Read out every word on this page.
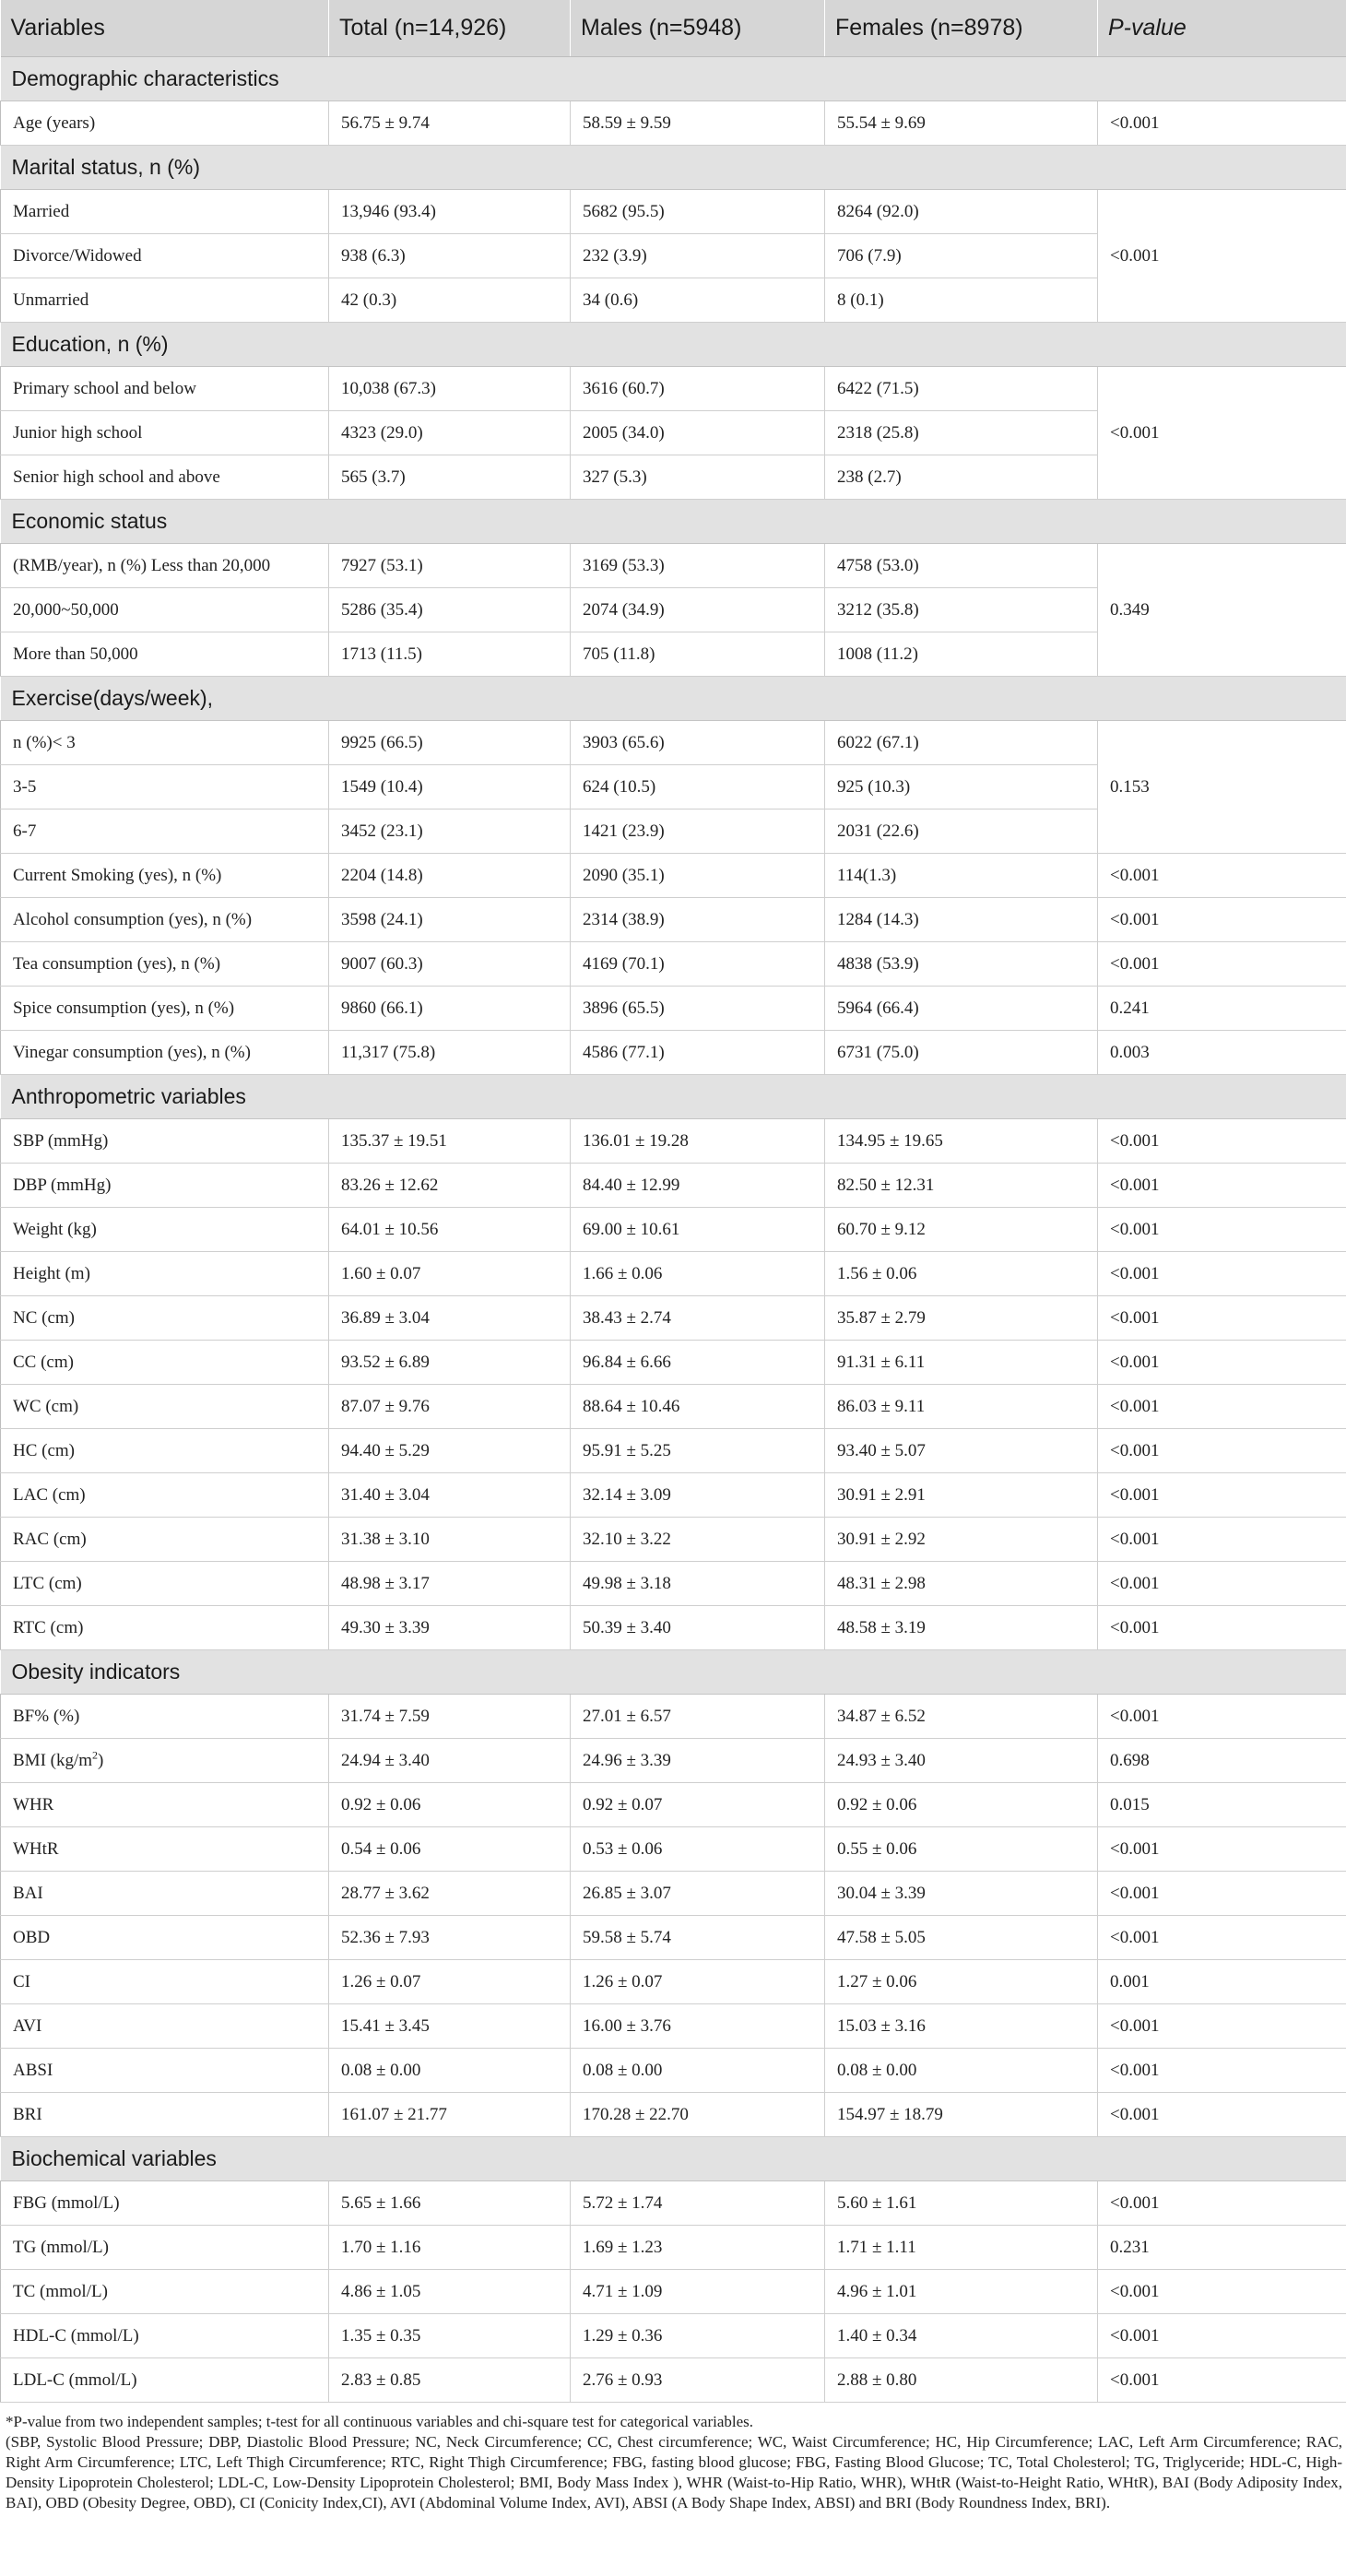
Variables	Total (n=14,926)	Males (n=5948)	Females (n=8978)	P-value
Demographic characteristics				
Age (years)	56.75 ± 9.74	58.59 ± 9.59	55.54 ± 9.69	<0.001
Marital status, n (%)				
Married	13,946 (93.4)	5682 (95.5)	8264 (92.0)	<0.001
Divorce/Widowed	938 (6.3)	232 (3.9)	706 (7.9)	
Unmarried	42 (0.3)	34 (0.6)	8 (0.1)	
Education, n (%)				
Primary school and below	10,038 (67.3)	3616 (60.7)	6422 (71.5)	<0.001
Junior high school	4323 (29.0)	2005 (34.0)	2318 (25.8)	
Senior high school and above	565 (3.7)	327 (5.3)	238 (2.7)	
Economic status				
(RMB/year), n (%) Less than 20,000	7927 (53.1)	3169 (53.3)	4758 (53.0)	0.349
20,000~50,000	5286 (35.4)	2074 (34.9)	3212 (35.8)	
More than 50,000	1713 (11.5)	705 (11.8)	1008 (11.2)	
Exercise(days/week),				
n (%)< 3	9925 (66.5)	3903 (65.6)	6022 (67.1)	0.153
3-5	1549 (10.4)	624 (10.5)	925 (10.3)	
6-7	3452 (23.1)	1421 (23.9)	2031 (22.6)	
Current Smoking (yes), n (%)	2204 (14.8)	2090 (35.1)	114(1.3)	<0.001
Alcohol consumption (yes), n (%)	3598 (24.1)	2314 (38.9)	1284 (14.3)	<0.001
Tea consumption (yes), n (%)	9007 (60.3)	4169 (70.1)	4838 (53.9)	<0.001
Spice consumption (yes), n (%)	9860 (66.1)	3896 (65.5)	5964 (66.4)	0.241
Vinegar consumption (yes), n (%)	11,317 (75.8)	4586 (77.1)	6731 (75.0)	0.003
Anthropometric variables				
SBP (mmHg)	135.37 ± 19.51	136.01 ± 19.28	134.95 ± 19.65	<0.001
DBP (mmHg)	83.26 ± 12.62	84.40 ± 12.99	82.50 ± 12.31	<0.001
Weight (kg)	64.01 ± 10.56	69.00 ± 10.61	60.70 ± 9.12	<0.001
Height (m)	1.60 ± 0.07	1.66 ± 0.06	1.56 ± 0.06	<0.001
NC (cm)	36.89 ± 3.04	38.43 ± 2.74	35.87 ± 2.79	<0.001
CC (cm)	93.52 ± 6.89	96.84 ± 6.66	91.31 ± 6.11	<0.001
WC (cm)	87.07 ± 9.76	88.64 ± 10.46	86.03 ± 9.11	<0.001
HC (cm)	94.40 ± 5.29	95.91 ± 5.25	93.40 ± 5.07	<0.001
LAC (cm)	31.40 ± 3.04	32.14 ± 3.09	30.91 ± 2.91	<0.001
RAC (cm)	31.38 ± 3.10	32.10 ± 3.22	30.91 ± 2.92	<0.001
LTC (cm)	48.98 ± 3.17	49.98 ± 3.18	48.31 ± 2.98	<0.001
RTC (cm)	49.30 ± 3.39	50.39 ± 3.40	48.58 ± 3.19	<0.001
Obesity indicators				
BF% (%)	31.74 ± 7.59	27.01 ± 6.57	34.87 ± 6.52	<0.001
BMI $(kg/m^2)$	24.94 ± 3.40	24.96 ± 3.39	24.93 ± 3.40	0.698
WHR	0.92 ± 0.06	0.92 ± 0.07	0.92 ± 0.06	0.015
WHtR	0.54 ± 0.06	0.53 ± 0.06	0.55 ± 0.06	<0.001
BAI	28.77 ± 3.62	26.85 ± 3.07	30.04 ± 3.39	<0.001
OBD	52.36 ± 7.93	59.58 ± 5.74	47.58 ± 5.05	<0.001
CI	1.26 ± 0.07	1.26 ± 0.07	1.27 ± 0.06	0.001
AVI	15.41 ± 3.45	16.00 ± 3.76	15.03 ± 3.16	<0.001
ABSI	0.08 ± 0.00	0.08 ± 0.00	0.08 ± 0.00	<0.001
BRI	161.07 ± 21.77	170.28 ± 22.70	154.97 ± 18.79	<0.001
Biochemical variables				
FBG (mmol/L)	5.65 ± 1.66	5.72 ± 1.74	5.60 ± 1.61	<0.001
TG (mmol/L)	1.70 ± 1.16	1.69 ± 1.23	1.71 ± 1.11	0.231
TC (mmol/L)	4.86 ± 1.05	4.71 ± 1.09	4.96 ± 1.01	<0.001
HDL-C (mmol/L)	1.35 ± 0.35	1.29 ± 0.36	1.40 ± 0.34	<0.001
LDL-C (mmol/L)	2.83 ± 0.85	2.76 ± 0.93	2.88 ± 0.80	<0.001

*P-value from two independent samples; t-test for all continuous variables and chi-square test for categorical variables.

(SBP, Systolic Blood Pressure; DBP, Diastolic Blood Pressure; NC, Neck Circumference; CC, Chest circumference; WC, Waist Circumference; HC, Hip Circumference; LAC, Left Arm Circumference; RAC, Right Arm Circumference; LTC, Left Thigh Circumference; RTC, Right Thigh Circumference; FBG, fasting blood glucose; FBG, Fasting Blood Glucose; TC, Total Cholesterol; TG, Triglyceride; HDL-C, High-Density Lipoprotein Cholesterol; LDL-C, Low-Density Lipoprotein Cholesterol; BMI, Body Mass Index ), WHR (Waist-to-Hip Ratio, WHR), WHtR (Waist-to-Height Ratio, WHtR), BAI (Body Adiposity Index, BAI), OBD (Obesity Degree, OBD), CI (Conicity Index,CI), AVI (Abdominal Volume Index, AVI), ABSI (A Body Shape Index, ABSI) and BRI (Body Roundness Index, BRI).
